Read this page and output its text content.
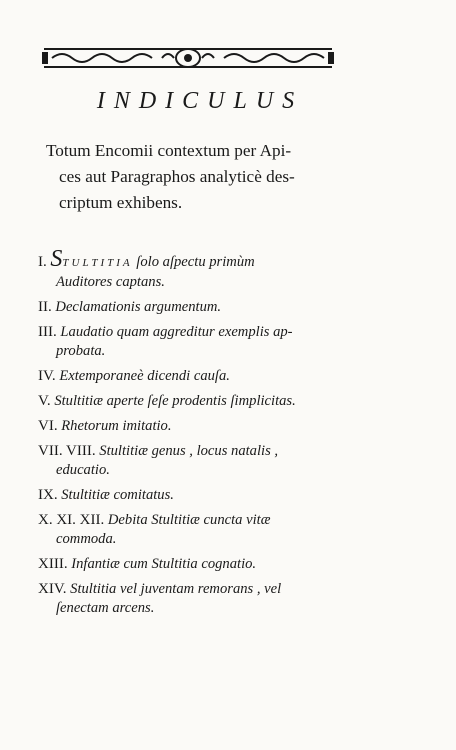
INDICULUS
Totum Encomii contextum per Api-
ces aut Paragraphos analyticè des-
criptum exhibens.
I. STULTITIA ſolo aſpectu primùm
Auditores captans.
II. Declamationis argumentum.
III. Laudatio quam aggreditur exemplis ap-
probata.
IV. Extemporaneè dicendi cauſa.
V. Stultitiæ aperte ſeſe prodentis ſimplicitas.
VI. Rhetorum imitatio.
VII. VIII. Stultitiæ genus , locus natalis ,
educatio.
IX. Stultitiæ comitatus.
X. XI. XII. Debita Stultitiæ cuncta vitæ
commoda.
XIII. Infantiæ cum Stultitia cognatio.
XIV. Stultitia vel juventam remorans , vel
ſenectam arcens.
